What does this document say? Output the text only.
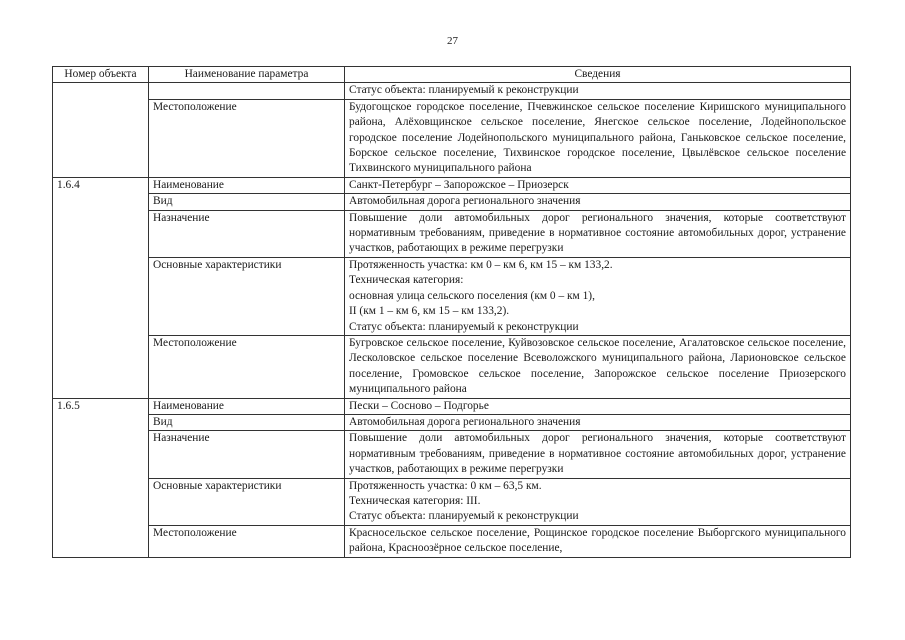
27
Номер объекта	Наименование параметра	Сведения
		Статус объекта: планируемый к реконструкции
	Местоположение	Будогощское городское поселение, Пчевжинское сельское поселение Киришского муниципального района, Алёховщинское сельское поселение, Янегское сельское поселение, Лодейнопольское городское поселение Лодейнопольского муниципального района, Ганьковское сельское поселение, Борское сельское поселение, Тихвинское городское поселение, Цвылёвское сельское поселение Тихвинского муниципального района
1.6.4	Наименование	Санкт-Петербург – Запорожское – Приозерск
	Вид	Автомобильная дорога регионального значения
	Назначение	Повышение доли автомобильных дорог регионального значения, которые соответствуют нормативным требованиям, приведение в нормативное состояние автомобильных дорог, устранение участков, работающих в режиме перегрузки
	Основные характеристики	Протяженность участка: км 0 – км 6, км 15 – км 133,2.
Техническая категория:
основная улица сельского поселения (км 0 – км 1),
II (км 1 – км 6, км 15 – км 133,2).
Статус объекта: планируемый к реконструкции

	Местоположение	Бугровское сельское поселение, Куйвозовское сельское поселение, Агалатовское сельское поселение, Лесколовское сельское поселение Всеволожского муниципального района, Ларионовское сельское поселение, Громовское сельское поселение, Запорожское сельское поселение Приозерского муниципального района
1.6.5	Наименование	Пески – Сосново – Подгорье
	Вид	Автомобильная дорога регионального значения
	Назначение	Повышение доли автомобильных дорог регионального значения, которые соответствуют нормативным требованиям, приведение в нормативное состояние автомобильных дорог, устранение участков, работающих в режиме перегрузки
	Основные характеристики	Протяженность участка: 0 км – 63,5 км.
Техническая категория: III.
Статус объекта: планируемый к реконструкции

	Местоположение	Красносельское сельское поселение, Рощинское городское поселение Выборгского муниципального района, Красноозёрное сельское поселение,
